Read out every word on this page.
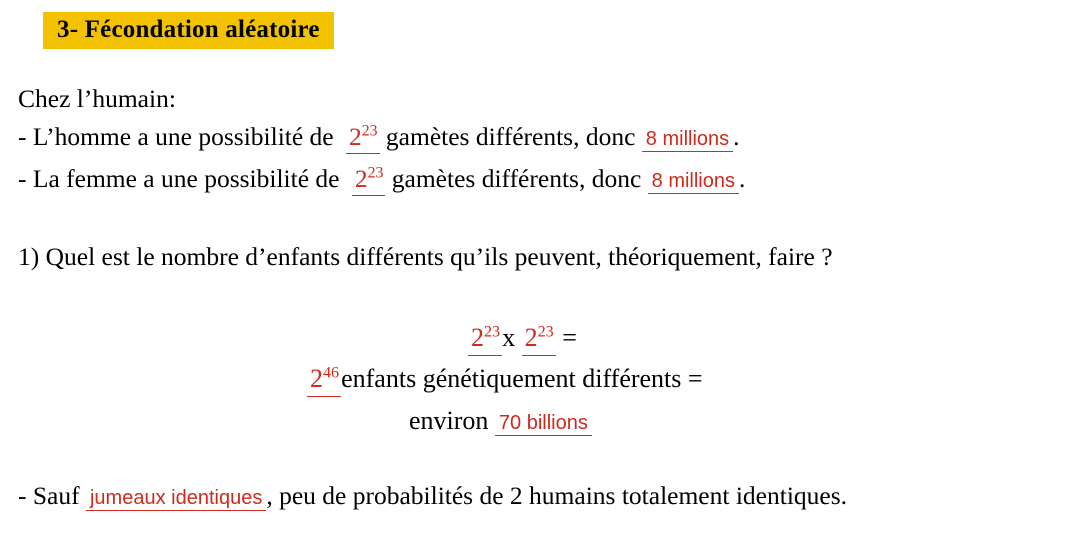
3- Fécondation aléatoire
Chez l’humain:
- L’homme a une possibilité de $2^{23}$ gamètes différents, donc 8 millions .
- La femme a une possibilité de $2^{23}$ gamètes différents, donc 8 millions .
1) Quel est le nombre d’enfants différents qu’ils peuvent, théoriquement, faire ?
$2^{23}x$ $2^{23}$ =
$2^{46}enfants$ génétiquement différents =
environ 70 billions
- Sauf jumeaux identiques , peu de probabilités de 2 humains totalement identiques.
